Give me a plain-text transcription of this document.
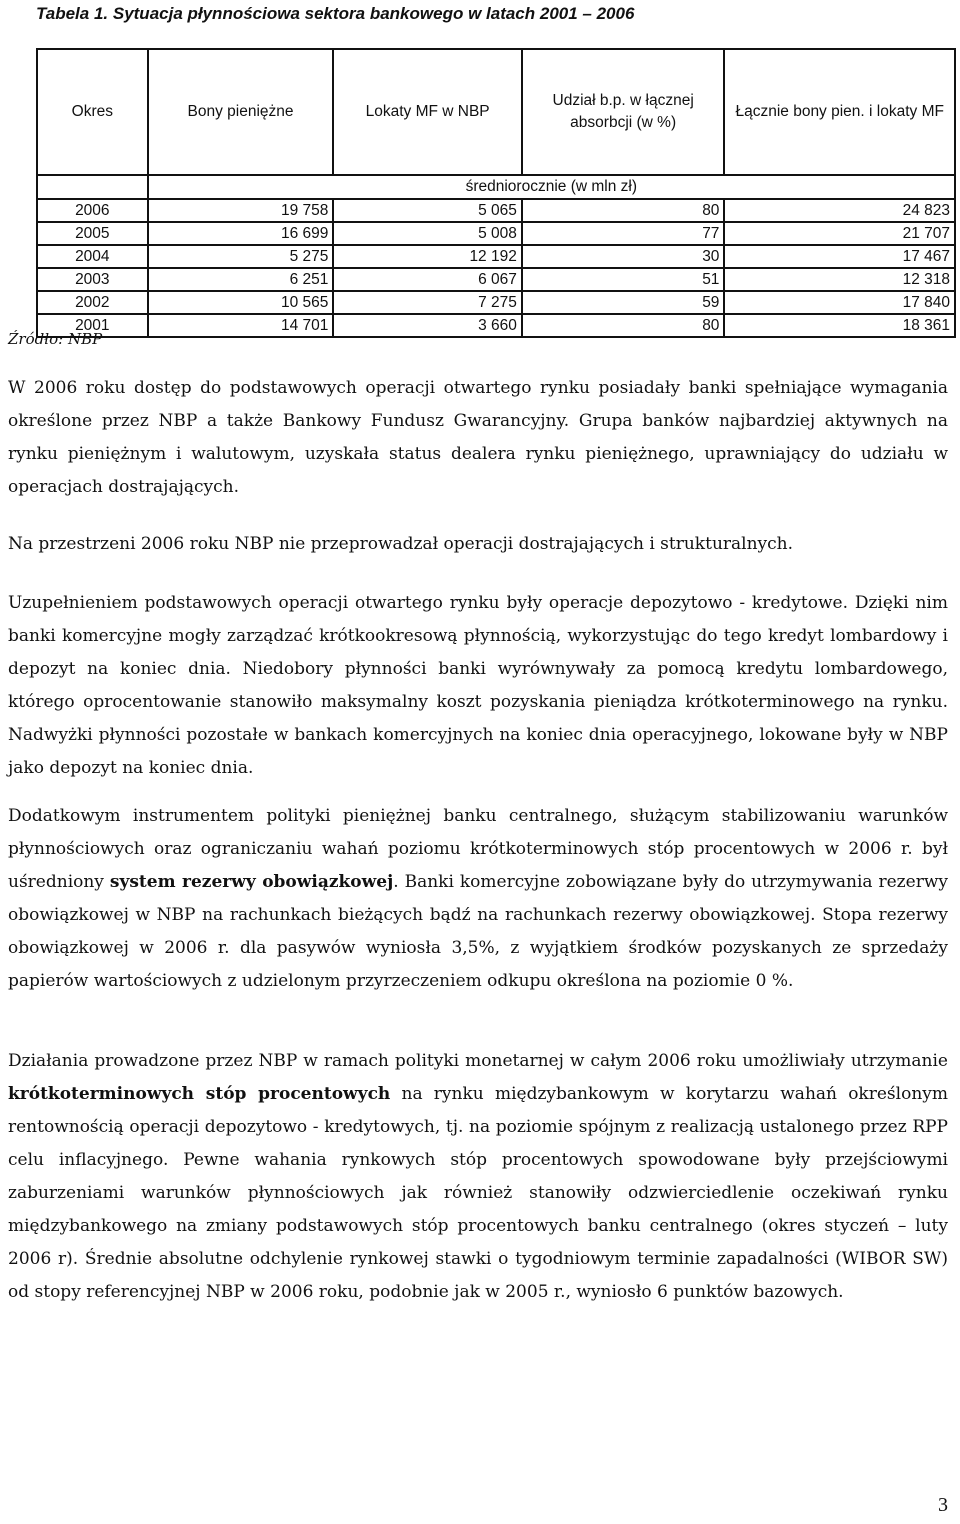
Tabela 1. Sytuacja płynnościowa sektora bankowego w latach 2001 – 2006
Okres	Bony pieniężne	Lokaty MF w NBP	Udział b.p. w łącznej absorbcji (w %)	Łącznie bony pien. i lokaty MF
	średniorocznie (w mln zł)			
2006	19 758	5 065	80	24 823
2005	16 699	5 008	77	21 707
2004	5 275	12 192	30	17 467
2003	6 251	6 067	51	12 318
2002	10 565	7 275	59	17 840
2001	14 701	3 660	80	18 361
Źródło: NBP

W 2006 roku dostęp do podstawowych operacji otwartego rynku posiadały banki spełniające wymagania określone przez NBP a także Bankowy Fundusz Gwarancyjny. Grupa banków najbardziej aktywnych na rynku pieniężnym i walutowym, uzyskała status dealera rynku pieniężnego, uprawniający do udziału w operacjach dostrajających.

Na przestrzeni 2006 roku NBP nie przeprowadzał operacji dostrajających i strukturalnych.

Uzupełnieniem podstawowych operacji otwartego rynku były operacje depozytowo - kredytowe. Dzięki nim banki komercyjne mogły zarządzać krótkookresową płynnością, wykorzystując do tego kredyt lombardowy i depozyt na koniec dnia. Niedobory płynności banki wyrównywały za pomocą kredytu lombardowego, którego oprocentowanie stanowiło maksymalny koszt pozyskania pieniądza krótkoterminowego na rynku. Nadwyżki płynności pozostałe w bankach komercyjnych na koniec dnia operacyjnego, lokowane były w NBP jako depozyt na koniec dnia.

Dodatkowym instrumentem polityki pieniężnej banku centralnego, służącym stabilizowaniu warunków płynnościowych oraz ograniczaniu wahań poziomu krótkoterminowych stóp procentowych w 2006 r. był uśredniony system rezerwy obowiązkowej. Banki komercyjne zobowiązane były do utrzymywania rezerwy obowiązkowej w NBP na rachunkach bieżących bądź na rachunkach rezerwy obowiązkowej. Stopa rezerwy obowiązkowej w 2006 r. dla pasywów wyniosła 3,5%, z wyjątkiem środków pozyskanych ze sprzedaży papierów wartościowych z udzielonym przyrzeczeniem odkupu określona na poziomie 0 %.

Działania prowadzone przez NBP w ramach polityki monetarnej w całym 2006 roku umożliwiały utrzymanie krótkoterminowych stóp procentowych na rynku międzybankowym w korytarzu wahań określonym rentownością operacji depozytowo - kredytowych, tj. na poziomie spójnym z realizacją ustalonego przez RPP celu inflacyjnego. Pewne wahania rynkowych stóp procentowych spowodowane były przejściowymi zaburzeniami warunków płynnościowych jak również stanowiły odzwierciedlenie oczekiwań rynku międzybankowego na zmiany podstawowych stóp procentowych banku centralnego (okres styczeń – luty 2006 r). Średnie absolutne odchylenie rynkowej stawki o tygodniowym terminie zapadalności (WIBOR SW) od stopy referencyjnej NBP w 2006 roku, podobnie jak w 2005 r., wyniosło 6 punktów bazowych.

3
